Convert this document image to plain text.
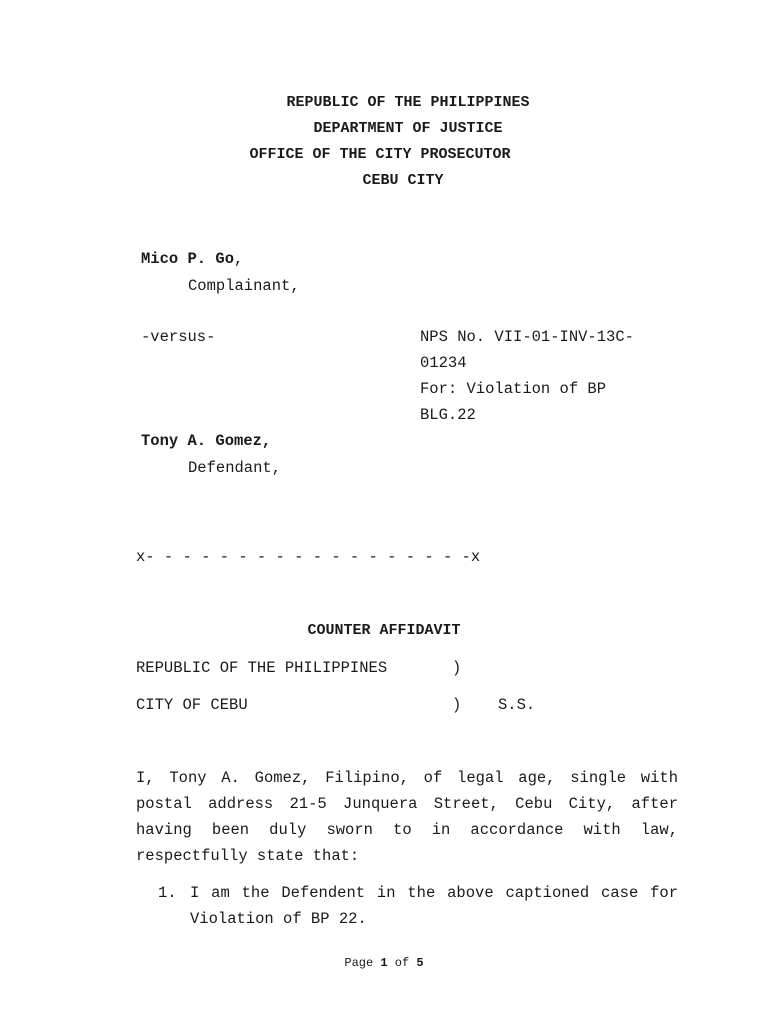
REPUBLIC OF THE PHILIPPINES
DEPARTMENT OF JUSTICE
OFFICE OF THE CITY PROSECUTOR
CEBU CITY
Mico P. Go,
Complainant,
-versus-	NPS No. VII-01-INV-13C-
01234
For: Violation of BP
BLG.22
Tony A. Gomez,
Defendant,
x- - - - - - - - - - - - - - - - - -x
COUNTER AFFIDAVIT
REPUBLIC OF THE PHILIPPINES	)
CITY OF CEBU	) S.S.
I, Tony A. Gomez, Filipino, of legal age, single with postal address 21-5 Junquera Street, Cebu City, after having been duly sworn to in accordance with law, respectfully state that:
1. I am the Defendent in the above captioned case for Violation of BP 22.
Page 1 of 5
